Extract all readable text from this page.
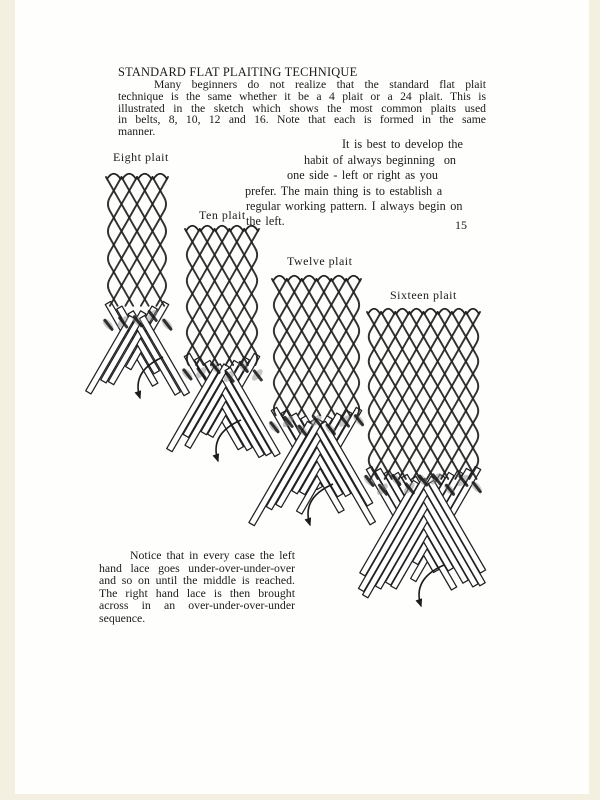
STANDARD FLAT PLAITING TECHNIQUE
Many beginners do not realize that the standard flat plait
technique is the same whether it be a 4 plait or a 24 plait. This is
illustrated in the sketch which shows the most common plaits used
in belts, 8, 10, 12 and 16. Note that each is formed in the same
manner.
It is best to develop the
habit of always beginning  on
one side - left or right as you
prefer. The main thing is to establish a
regular working pattern. I always begin on
the left.	15
Eight plait
Ten plait
Twelve plait
Sixteen plait
Notice that in every case the left
hand lace goes under-over-under-over
and so on until the middle is reached.
The right hand lace is then brought
across in an over-under-over-under
sequence.
